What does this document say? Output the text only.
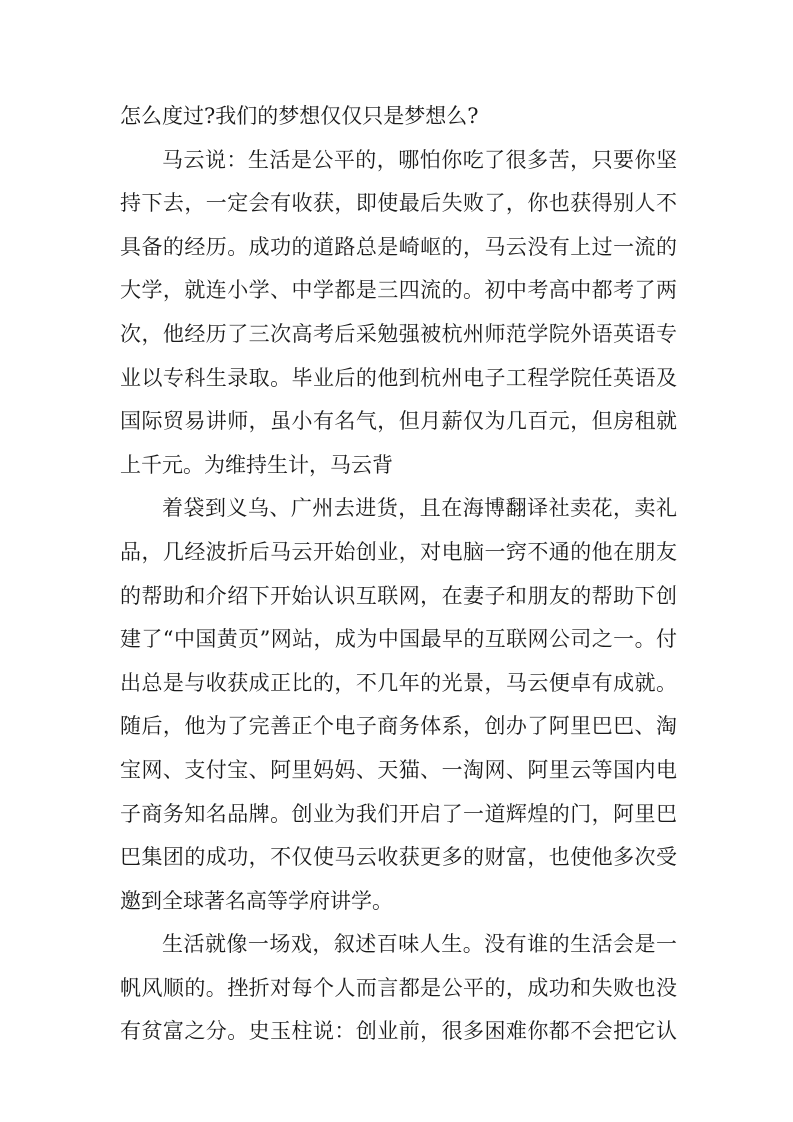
怎么度过?我们的梦想仅仅只是梦想么?
马云说：生活是公平的，哪怕你吃了很多苦，只要你坚
持下去，一定会有收获，即使最后失败了，你也获得别人不
具备的经历。成功的道路总是崎岖的，马云没有上过一流的
大学，就连小学、中学都是三四流的。初中考高中都考了两
次，他经历了三次高考后采勉强被杭州师范学院外语英语专
业以专科生录取。毕业后的他到杭州电子工程学院任英语及
国际贸易讲师，虽小有名气，但月薪仅为几百元，但房租就
上千元。为维持生计，马云背
着袋到义乌、广州去进货，且在海博翻译社卖花，卖礼
品，几经波折后马云开始创业，对电脑一窍不通的他在朋友
的帮助和介绍下开始认识互联网，在妻子和朋友的帮助下创
建了“中国黄页”网站，成为中国最早的互联网公司之一。付
出总是与收获成正比的，不几年的光景，马云便卓有成就。
随后，他为了完善正个电子商务体系，创办了阿里巴巴、淘
宝网、支付宝、阿里妈妈、天猫、一淘网、阿里云等国内电
子商务知名品牌。创业为我们开启了一道辉煌的门，阿里巴
巴集团的成功，不仅使马云收获更多的财富，也使他多次受
邀到全球著名高等学府讲学。
生活就像一场戏，叙述百味人生。没有谁的生活会是一
帆风顺的。挫折对每个人而言都是公平的，成功和失败也没
有贫富之分。史玉柱说：创业前，很多困难你都不会把它认
